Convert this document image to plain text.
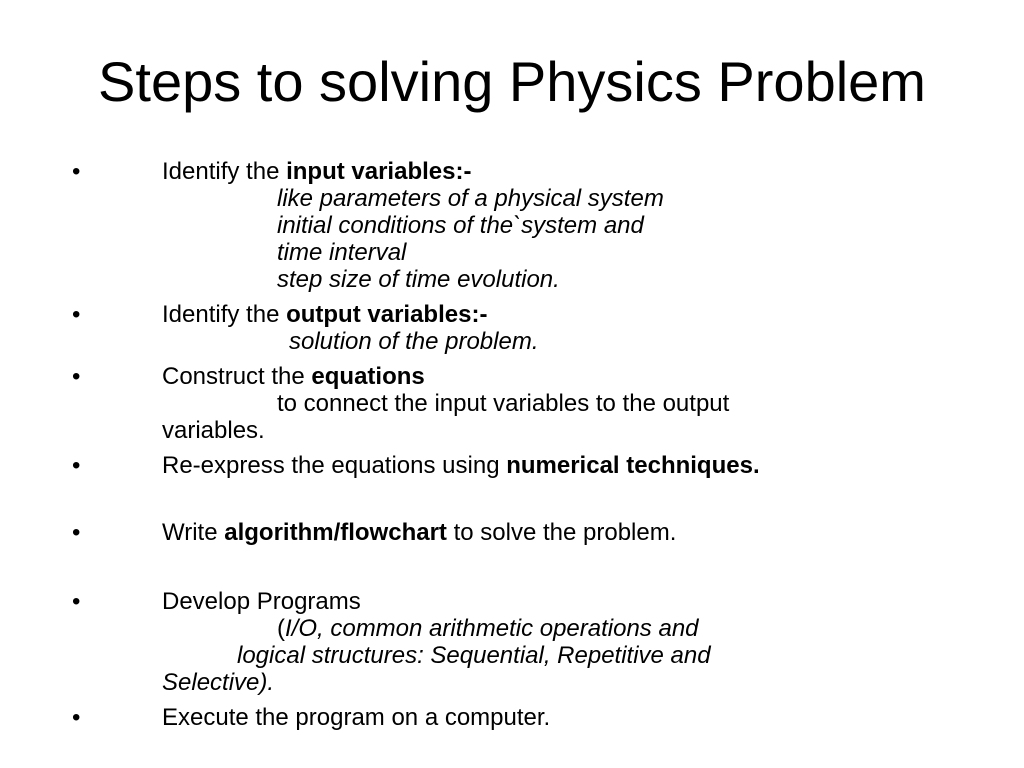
Steps to solving Physics Problem
•	Identify the input variables:-
like parameters of a physical system
initial conditions of the`system and
time interval
step size of time evolution.
•	Identify the output variables:-
solution of the problem.
•	Construct the equations
to connect the input variables to the output
variables.
•	Re-express the equations using numerical techniques.
•	Write algorithm/flowchart to solve the problem.
•	Develop Programs
(I/O, common arithmetic operations and
logical structures: Sequential, Repetitive and
Selective).
•	Execute the program on a computer.
